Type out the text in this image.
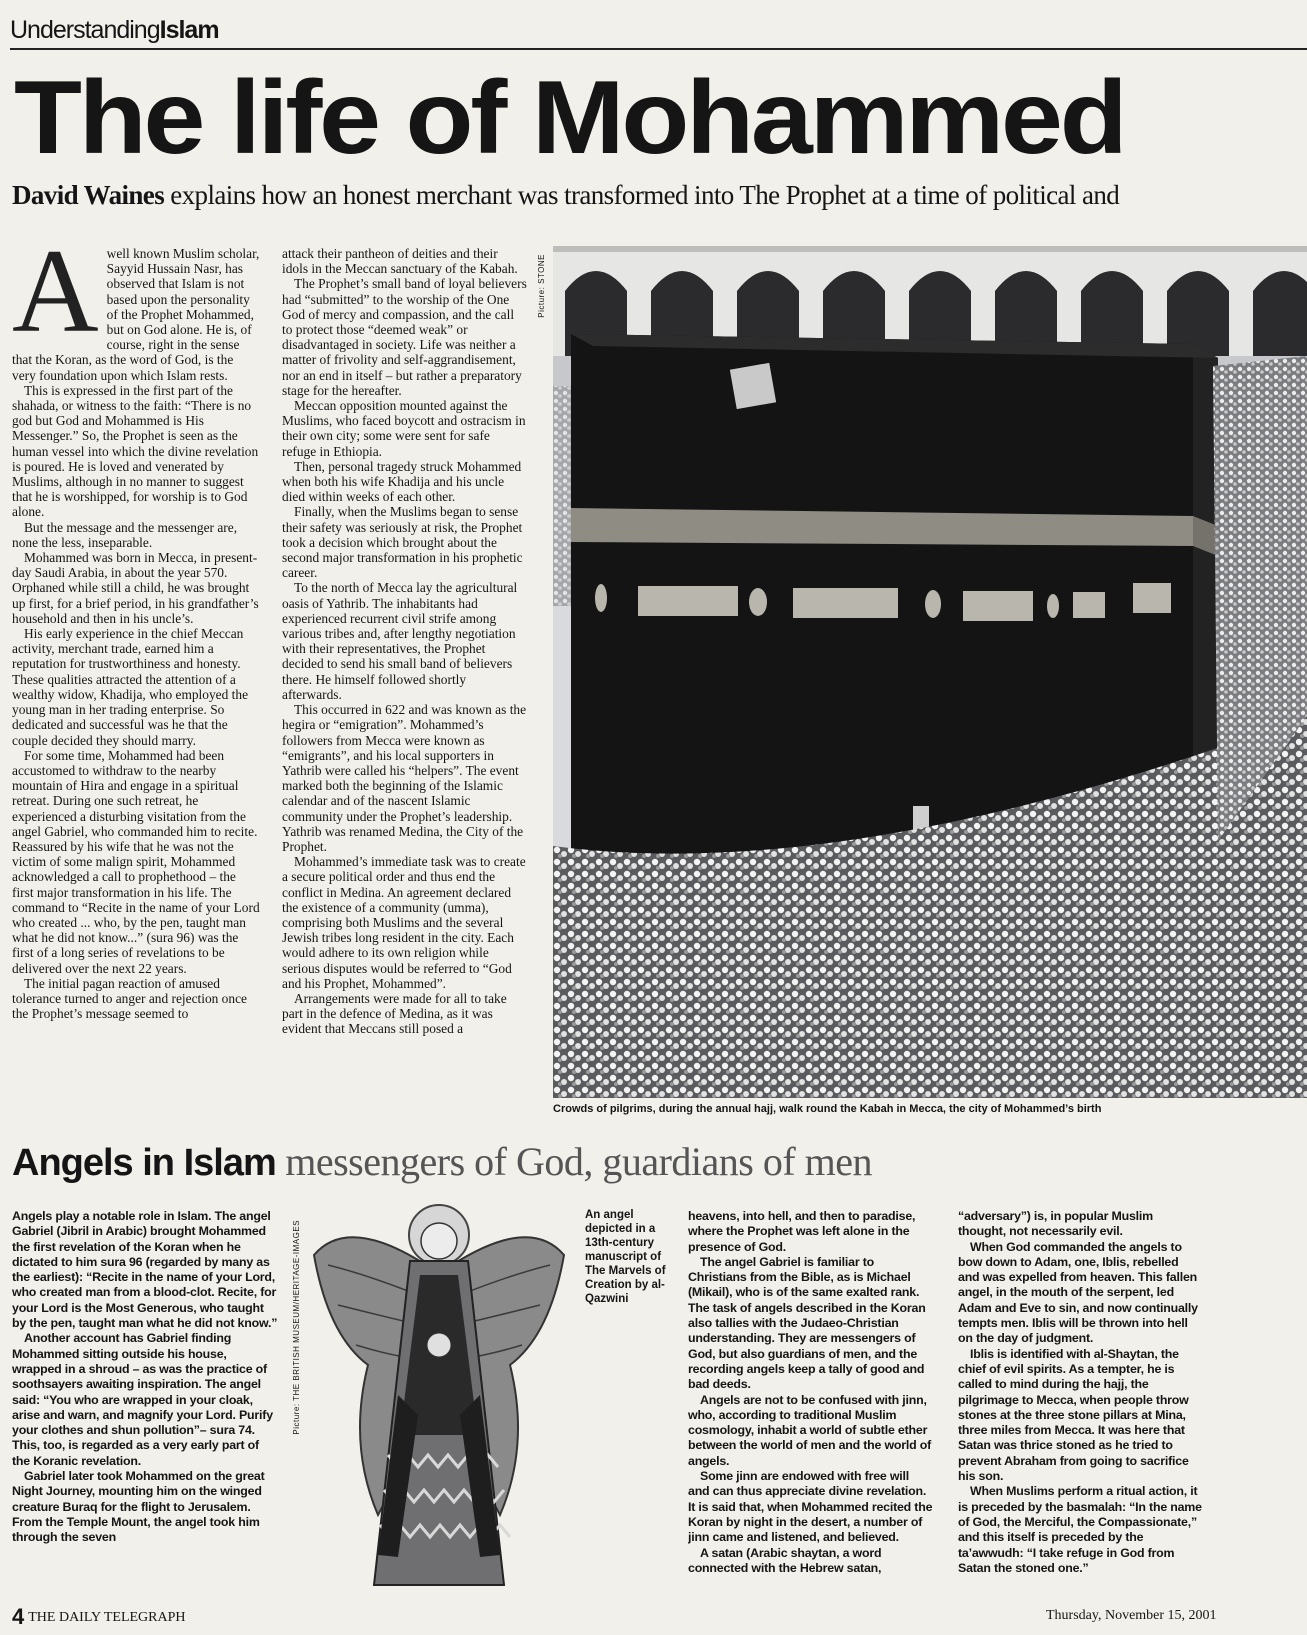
UnderstandingIslam
The life of Mohammed
David Waines explains how an honest merchant was transformed into The Prophet at a time of political and
A well known Muslim scholar, Sayyid Hussain Nasr, has observed that Islam is not based upon the personality of the Prophet Mohammed, but on God alone. He is, of course, right in the sense that the Koran, as the word of God, is the very foundation upon which Islam rests.

This is expressed in the first part of the shahada, or witness to the faith: “There is no god but God and Mohammed is His Messenger.” So, the Prophet is seen as the human vessel into which the divine revelation is poured. He is loved and venerated by Muslims, although in no manner to suggest that he is worshipped, for worship is to God alone.

But the message and the messenger are, none the less, inseparable.

Mohammed was born in Mecca, in present-day Saudi Arabia, in about the year 570. Orphaned while still a child, he was brought up first, for a brief period, in his grandfather’s household and then in his uncle’s.

His early experience in the chief Meccan activity, merchant trade, earned him a reputation for trustworthiness and honesty. These qualities attracted the attention of a wealthy widow, Khadija, who employed the young man in her trading enterprise. So dedicated and successful was he that the couple decided they should marry.

For some time, Mohammed had been accustomed to withdraw to the nearby mountain of Hira and engage in a spiritual retreat. During one such retreat, he experienced a disturbing visitation from the angel Gabriel, who commanded him to recite. Reassured by his wife that he was not the victim of some malign spirit, Mohammed acknowledged a call to prophethood – the first major transformation in his life. The command to “Recite in the name of your Lord who created ... who, by the pen, taught man what he did not know...” (sura 96) was the first of a long series of revelations to be delivered over the next 22 years.

The initial pagan reaction of amused tolerance turned to anger and rejection once the Prophet’s message seemed to

attack their pantheon of deities and their idols in the Meccan sanctuary of the Kabah.

The Prophet’s small band of loyal believers had “submitted” to the worship of the One God of mercy and compassion, and the call to protect those “deemed weak” or disadvantaged in society. Life was neither a matter of frivolity and self-aggrandisement, nor an end in itself – but rather a preparatory stage for the hereafter.

Meccan opposition mounted against the Muslims, who faced boycott and ostracism in their own city; some were sent for safe refuge in Ethiopia.

Then, personal tragedy struck Mohammed when both his wife Khadija and his uncle died within weeks of each other.

Finally, when the Muslims began to sense their safety was seriously at risk, the Prophet took a decision which brought about the second major transformation in his prophetic career.

To the north of Mecca lay the agricultural oasis of Yathrib. The inhabitants had experienced recurrent civil strife among various tribes and, after lengthy negotiation with their representatives, the Prophet decided to send his small band of believers there. He himself followed shortly afterwards.

This occurred in 622 and was known as the hegira or “emigration”. Mohammed’s followers from Mecca were known as “emigrants”, and his local supporters in Yathrib were called his “helpers”. The event marked both the beginning of the Islamic calendar and of the nascent Islamic community under the Prophet’s leadership. Yathrib was renamed Medina, the City of the Prophet.

Mohammed’s immediate task was to create a secure political order and thus end the conflict in Medina. An agreement declared the existence of a community (umma), comprising both Muslims and the several Jewish tribes long resident in the city. Each would adhere to its own religion while serious disputes would be referred to “God and his Prophet, Mohammed”.

Arrangements were made for all to take part in the defence of Medina, as it was evident that Meccans still posed a

Picture: STONE
Crowds of pilgrims, during the annual hajj, walk round the Kabah in Mecca, the city of Mohammed’s birth
Angels in Islam messengers of God, guardians of men

Angels play a notable role in Islam. The angel Gabriel (Jibril in Arabic) brought Mohammed the first revelation of the Koran when he dictated to him sura 96 (regarded by many as the earliest): “Recite in the name of your Lord, who created man from a blood-clot. Recite, for your Lord is the Most Generous, who taught by the pen, taught man what he did not know.”

Another account has Gabriel finding Mohammed sitting outside his house, wrapped in a shroud – as was the practice of soothsayers awaiting inspiration. The angel said: “You who are wrapped in your cloak, arise and warn, and magnify your Lord. Purify your clothes and shun pollution”– sura 74. This, too, is regarded as a very early part of the Koranic revelation.

Gabriel later took Mohammed on the great Night Journey, mounting him on the winged creature Buraq for the flight to Jerusalem. From the Temple Mount, the angel took him through the seven

Picture: THE BRITISH MUSEUM/HERITAGE-IMAGES
An angel depicted in a 13th-century manuscript of The Marvels of Creation by al-Qazwini

heavens, into hell, and then to paradise, where the Prophet was left alone in the presence of God.

The angel Gabriel is familiar to Christians from the Bible, as is Michael (Mikail), who is of the same exalted rank. The task of angels described in the Koran also tallies with the Judaeo-Christian understanding. They are messengers of God, but also guardians of men, and the recording angels keep a tally of good and bad deeds.

Angels are not to be confused with jinn, who, according to traditional Muslim cosmology, inhabit a world of subtle ether between the world of men and the world of angels.

Some jinn are endowed with free will and can thus appreciate divine revelation. It is said that, when Mohammed recited the Koran by night in the desert, a number of jinn came and listened, and believed.

A satan (Arabic shaytan, a word connected with the Hebrew satan,

“adversary”) is, in popular Muslim thought, not necessarily evil.

When God commanded the angels to bow down to Adam, one, Iblis, rebelled and was expelled from heaven. This fallen angel, in the mouth of the serpent, led Adam and Eve to sin, and now continually tempts men. Iblis will be thrown into hell on the day of judgment.

Iblis is identified with al-Shaytan, the chief of evil spirits. As a tempter, he is called to mind during the hajj, the pilgrimage to Mecca, when people throw stones at the three stone pillars at Mina, three miles from Mecca. It was here that Satan was thrice stoned as he tried to prevent Abraham from going to sacrifice his son.

When Muslims perform a ritual action, it is preceded by the basmalah: “In the name of God, the Merciful, the Compassionate,” and this itself is preceded by the ta’awwudh: “I take refuge in God from Satan the stoned one.”

4 THE DAILY TELEGRAPH	Thursday, November 15, 2001
